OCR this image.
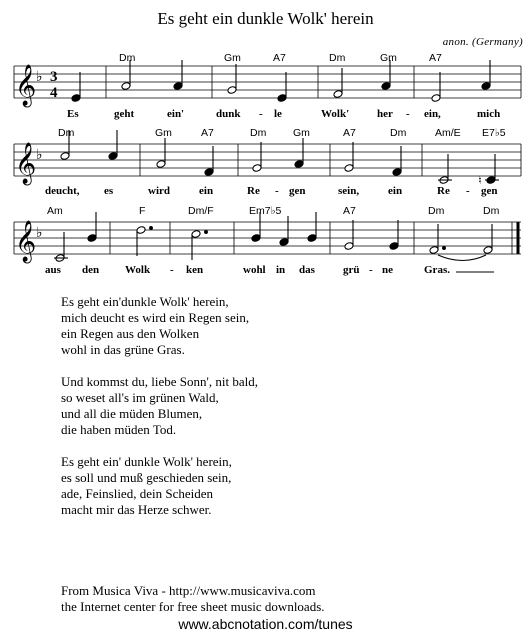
Es geht ein dunkle Wolk' herein
anon. (Germany)
𝄞
𝄞
𝄞
♭
♭
♭
3
4
♮
Dm	Gm	A7	Dm	Gm	A7
Dm	Gm	A7	Dm	Gm	A7	Dm	Am/E E7♭5
Am	F	Dm/F	Em7♭5	A7	Dm	Dm
Es	geht	ein'	dunk - le	Wolk'	her - ein,	mich
deucht, es	wird	ein	Re - gen	sein,	ein	Re - gen
aus den Wolk - ken	wohl in das	grü - ne	Gras.
Es geht ein'dunkle Wolk' herein,
mich deucht es wird ein Regen sein,
ein Regen aus den Wolken
wohl in das grüne Gras.
Und kommst du, liebe Sonn', nit bald,
so weset all's im grünen Wald,
und all die müden Blumen,
die haben müden Tod.
Es geht ein' dunkle Wolk' herein,
es soll und muß geschieden sein,
ade, Feinslied, dein Scheiden
macht mir das Herze schwer.
From Musica Viva - http://www.musicaviva.com
the Internet center for free sheet music downloads.
www.abcnotation.com/tunes
